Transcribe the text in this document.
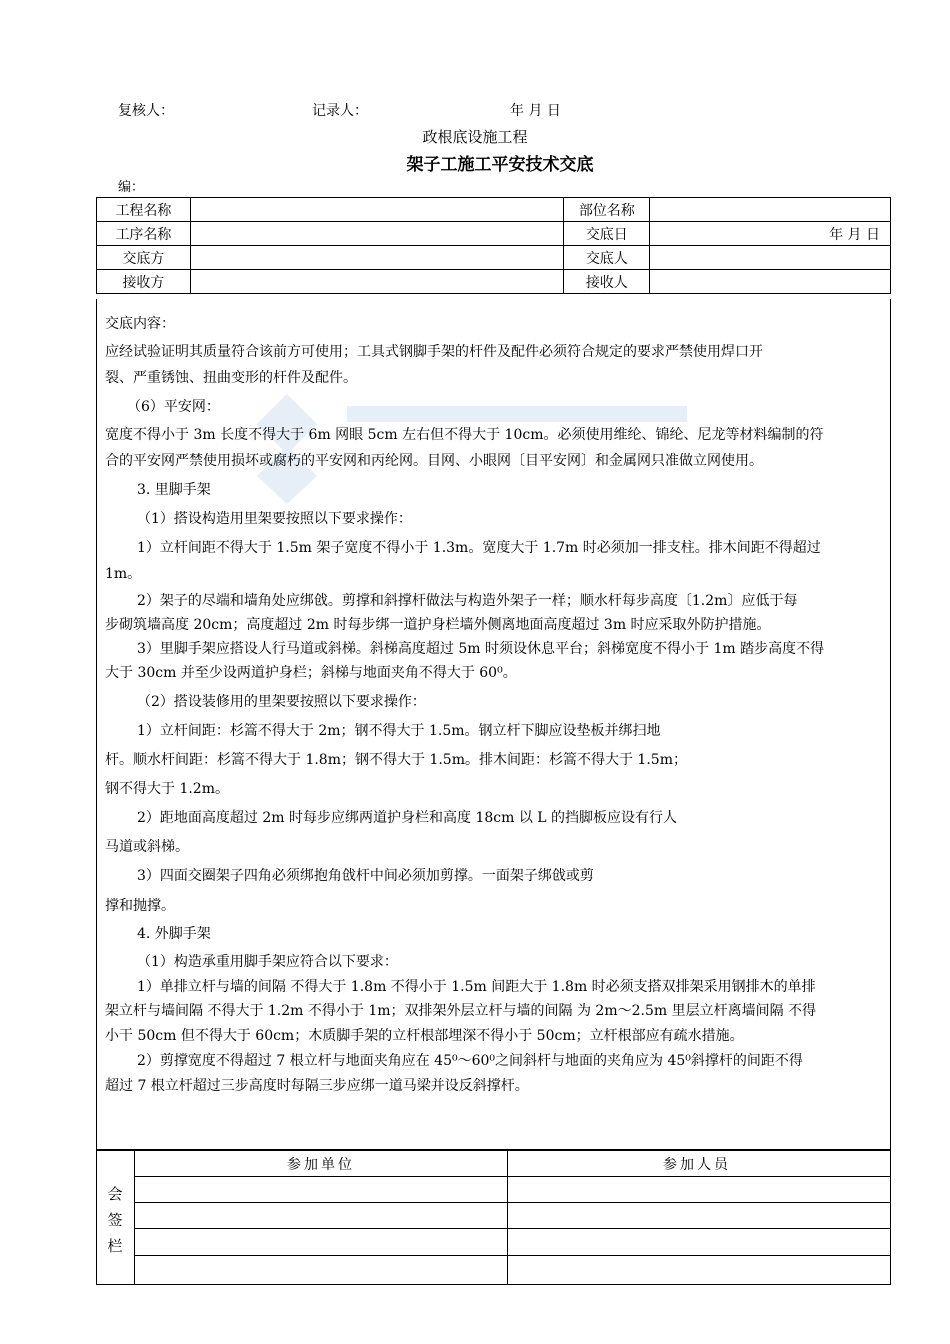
复核人：	记录人：	年 月 日
政根底设施工程
架子工施工平安技术交底
编：
工程名称		部位名称	
工序名称		交底日	年 月 日
交底方		交底人	
接收方		接收人	
交底内容：
应经试验证明其质量符合该前方可使用；工具式钢脚手架的杆件及配件必须符合规定的要求严禁使用焊口开
裂、严重锈蚀、扭曲变形的杆件及配件。
（6）平安网：
宽度不得小于 3m 长度不得大于 6m 网眼 5cm 左右但不得大于 10cm。必须使用维纶、锦纶、尼龙等材料编制的符
合的平安网严禁使用损坏或腐朽的平安网和丙纶网。目网、小眼网〔目平安网〕和金属网只准做立网使用。
3. 里脚手架
（1）搭设构造用里架要按照以下要求操作：
1）立杆间距不得大于 1.5m 架子宽度不得小于 1.3m。宽度大于 1.7m 时必须加一排支柱。排木间距不得超过
1m。
2）架子的尽端和墙角处应绑戗。剪撑和斜撑杆做法与构造外架子一样；顺水杆每步高度〔1.2m〕应低于每
步砌筑墙高度 20cm；高度超过 2m 时每步绑一道护身栏墙外侧离地面高度超过 3m 时应采取外防护措施。
3）里脚手架应搭设人行马道或斜梯。斜梯高度超过 5m 时须设休息平台；斜梯宽度不得小于 1m 踏步高度不得
大于 30cm 并至少设两道护身栏；斜梯与地面夹角不得大于 60⁰。
（2）搭设装修用的里架要按照以下要求操作：
1）立杆间距：杉篙不得大于 2m；钢不得大于 1.5m。钢立杆下脚应设垫板并绑扫地
杆。顺水杆间距：杉篙不得大于 1.8m；钢不得大于 1.5m。排木间距：杉篙不得大于 1.5m；
钢不得大于 1.2m。
2）距地面高度超过 2m 时每步应绑两道护身栏和高度 18cm 以 L 的挡脚板应设有行人
马道或斜梯。
3）四面交圈架子四角必须绑抱角戗杆中间必须加剪撑。一面架子绑戗或剪
撑和抛撑。
4. 外脚手架
（1）构造承重用脚手架应符合以下要求：
1）单排立杆与墙的间隔 不得大于 1.8m 不得小于 1.5m 间距大于 1.8m 时必须支搭双排架采用钢排木的单排
架立杆与墙间隔 不得大于 1.2m 不得小于 1m；双排架外层立杆与墙的间隔 为 2m～2.5m 里层立杆离墙间隔 不得
小干 50cm 但不得大于 60cm；木质脚手架的立杆根部埋深不得小于 50cm；立杆根部应有疏水措施。
2）剪撑宽度不得超过 7 根立杆与地面夹角应在 45⁰～60⁰之间斜杆与地面的夹角应为 45⁰斜撑杆的间距不得
超过 7 根立杆超过三步高度时每隔三步应绑一道马梁并设反斜撑杆。
会
签
栏
参加单位	参加人员
